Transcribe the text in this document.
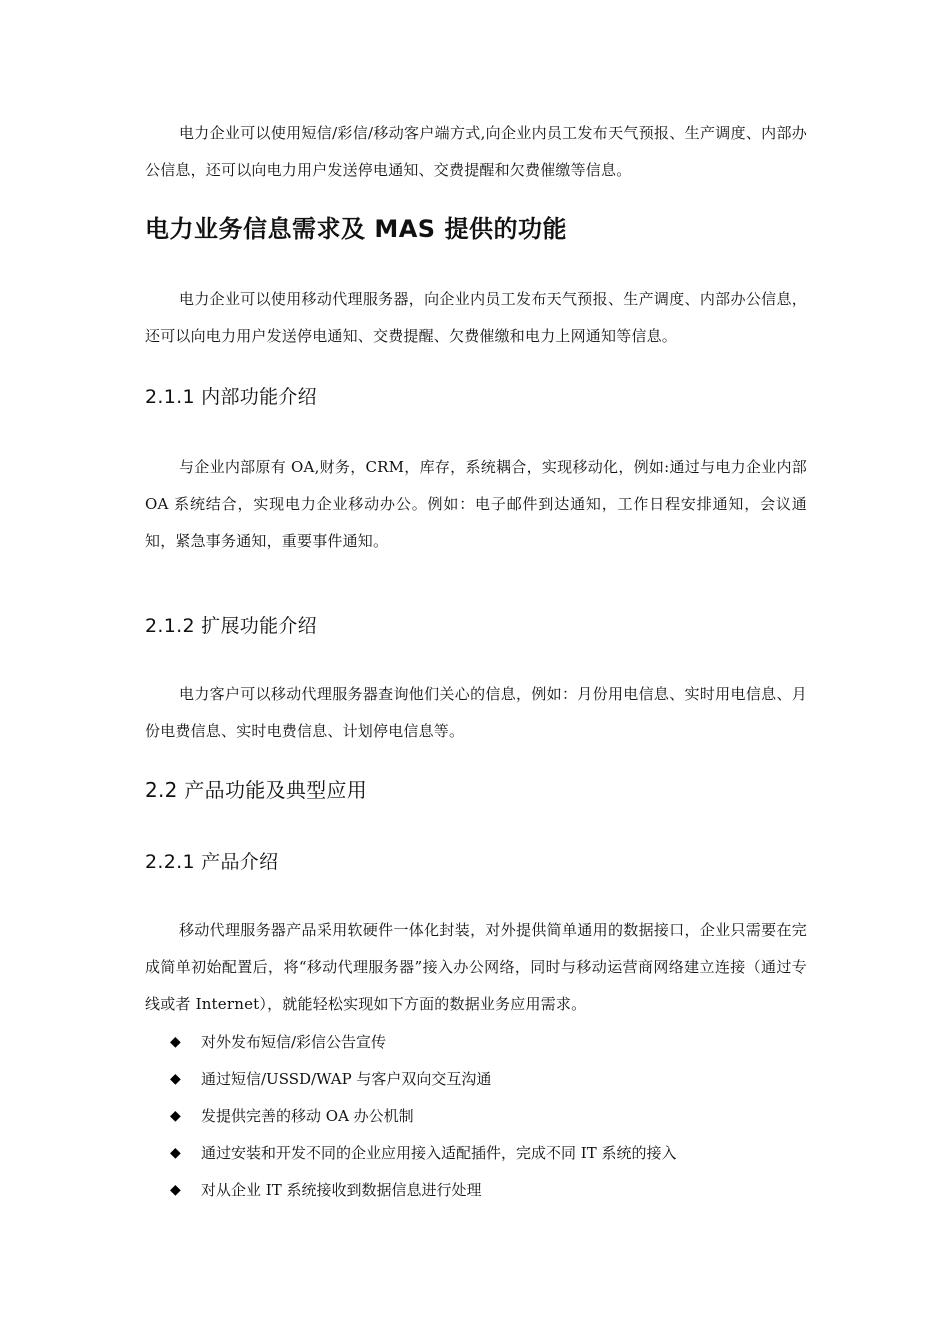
电力企业可以使用短信/彩信/移动客户端方式,向企业内员工发布天气预报、生产调度、内部办公信息，还可以向电力用户发送停电通知、交费提醒和欠费催缴等信息。

电力业务信息需求及 MAS 提供的功能

电力企业可以使用移动代理服务器，向企业内员工发布天气预报、生产调度、内部办公信息，还可以向电力用户发送停电通知、交费提醒、欠费催缴和电力上网通知等信息。

2.1.1 内部功能介绍

与企业内部原有 OA,财务，CRM，库存，系统耦合，实现移动化，例如:通过与电力企业内部 OA 系统结合，实现电力企业移动办公。例如：电子邮件到达通知，工作日程安排通知，会议通知，紧急事务通知，重要事件通知。

2.1.2 扩展功能介绍

电力客户可以移动代理服务器查询他们关心的信息，例如：月份用电信息、实时用电信息、月份电费信息、实时电费信息、计划停电信息等。

2.2 产品功能及典型应用
2.2.1 产品介绍

移动代理服务器产品采用软硬件一体化封装，对外提供简单通用的数据接口，企业只需要在完成简单初始配置后，将“移动代理服务器”接入办公网络，同时与移动运营商网络建立连接（通过专线或者 Internet），就能轻松实现如下方面的数据业务应用需求。

◆ 对外发布短信/彩信公告宣传
◆ 通过短信/USSD/WAP 与客户双向交互沟通
◆ 发提供完善的移动 OA 办公机制
◆ 通过安装和开发不同的企业应用接入适配插件，完成不同 IT 系统的接入
◆ 对从企业 IT 系统接收到数据信息进行处理
